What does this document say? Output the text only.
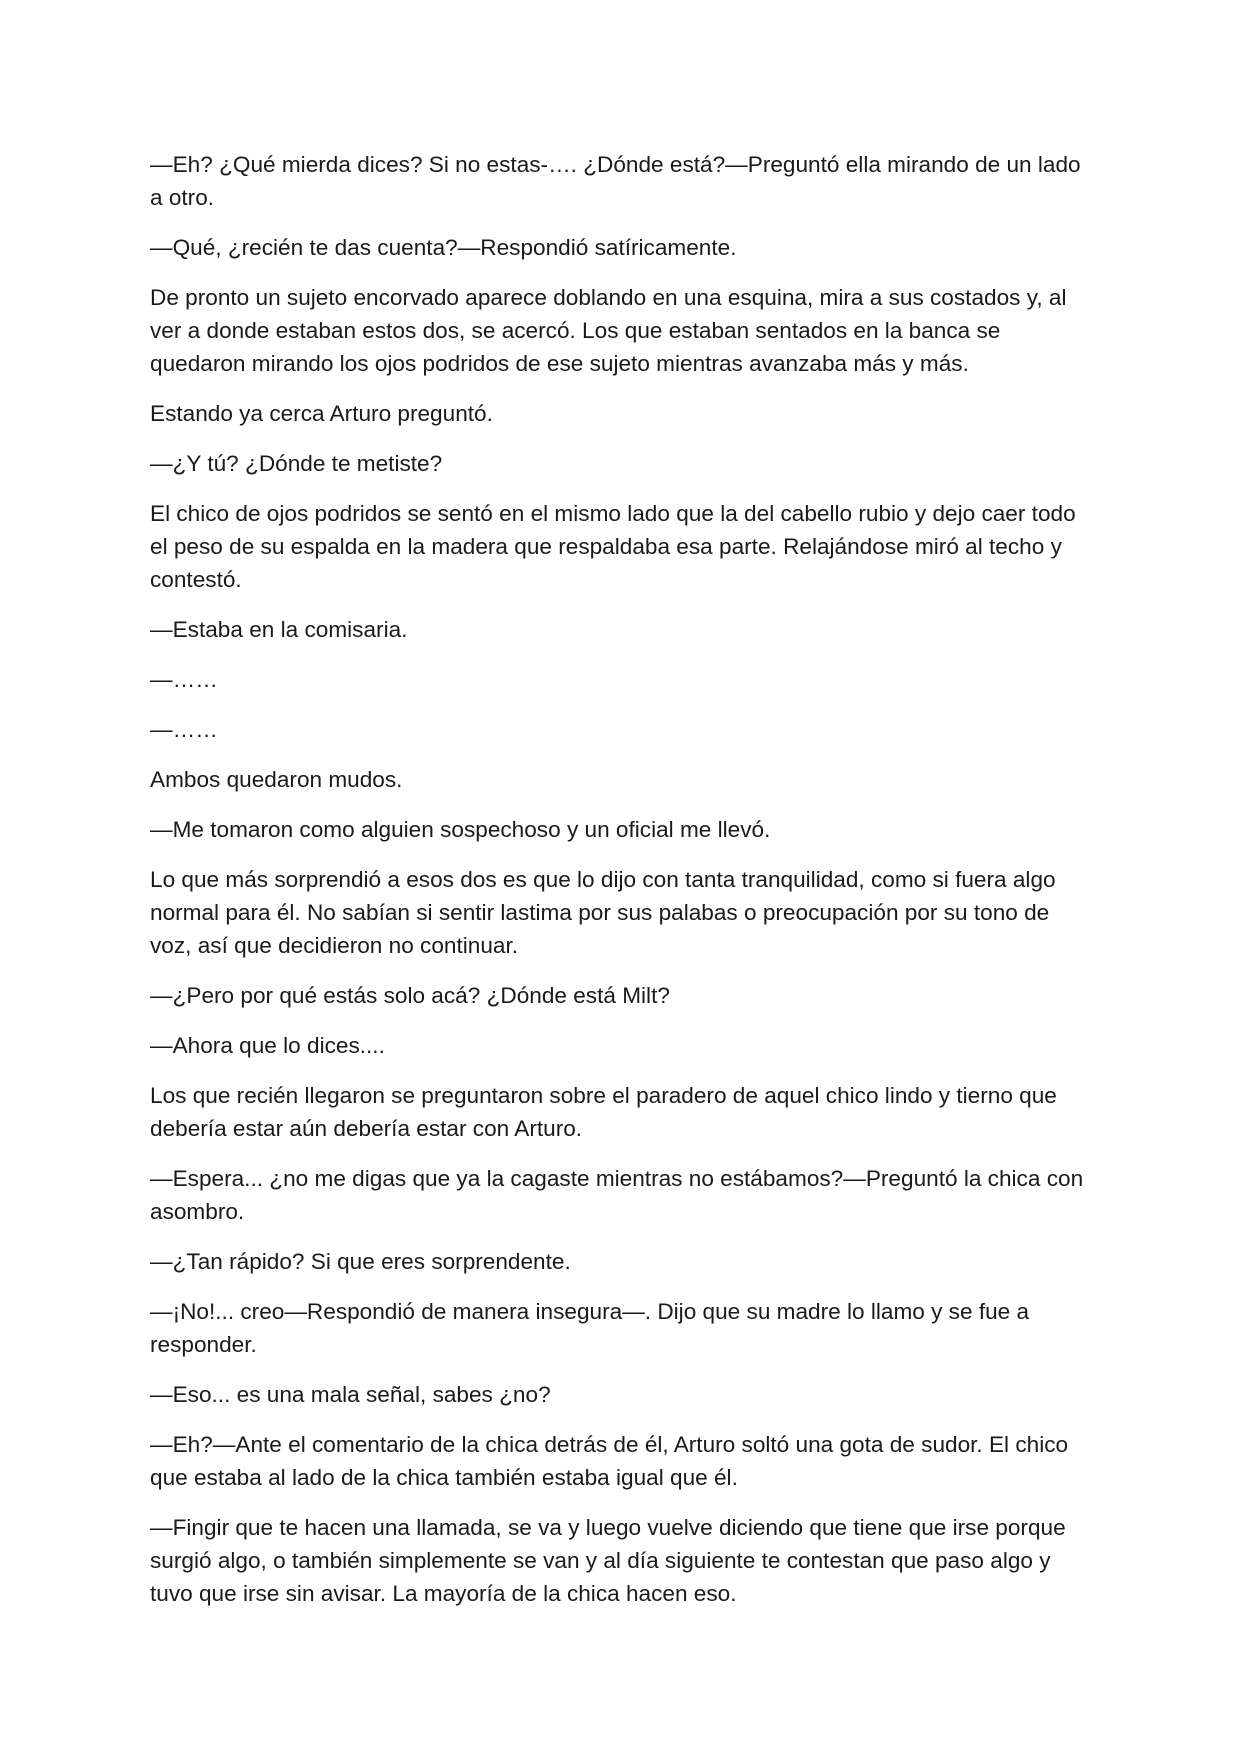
—Eh? ¿Qué mierda dices? Si no estas-…. ¿Dónde está?—Preguntó ella mirando de un lado a otro.

—Qué, ¿recién te das cuenta?—Respondió satíricamente.

De pronto un sujeto encorvado aparece doblando en una esquina, mira a sus costados y, al ver a donde estaban estos dos, se acercó. Los que estaban sentados en la banca se quedaron mirando los ojos podridos de ese sujeto mientras avanzaba más y más.

Estando ya cerca Arturo preguntó.

—¿Y tú? ¿Dónde te metiste?

El chico de ojos podridos se sentó en el mismo lado que la del cabello rubio y dejo caer todo el peso de su espalda en la madera que respaldaba esa parte. Relajándose miró al techo y contestó.

—Estaba en la comisaria.

—……

—……

Ambos quedaron mudos.

—Me tomaron como alguien sospechoso y un oficial me llevó.

Lo que más sorprendió a esos dos es que lo dijo con tanta tranquilidad, como si fuera algo normal para él. No sabían si sentir lastima por sus palabas o preocupación por su tono de voz, así que decidieron no continuar.

—¿Pero por qué estás solo acá? ¿Dónde está Milt?

—Ahora que lo dices....

Los que recién llegaron se preguntaron sobre el paradero de aquel chico lindo y tierno que debería estar aún debería estar con Arturo.

—Espera... ¿no me digas que ya la cagaste mientras no estábamos?—Preguntó la chica con asombro.

—¿Tan rápido? Si que eres sorprendente.

—¡No!... creo—Respondió de manera insegura—. Dijo que su madre lo llamo y se fue a responder.

—Eso... es una mala señal, sabes ¿no?

—Eh?—Ante el comentario de la chica detrás de él, Arturo soltó una gota de sudor. El chico que estaba al lado de la chica también estaba igual que él.

—Fingir que te hacen una llamada, se va y luego vuelve diciendo que tiene que irse porque surgió algo, o también simplemente se van y al día siguiente te contestan que paso algo y tuvo que irse sin avisar. La mayoría de la chica hacen eso.
